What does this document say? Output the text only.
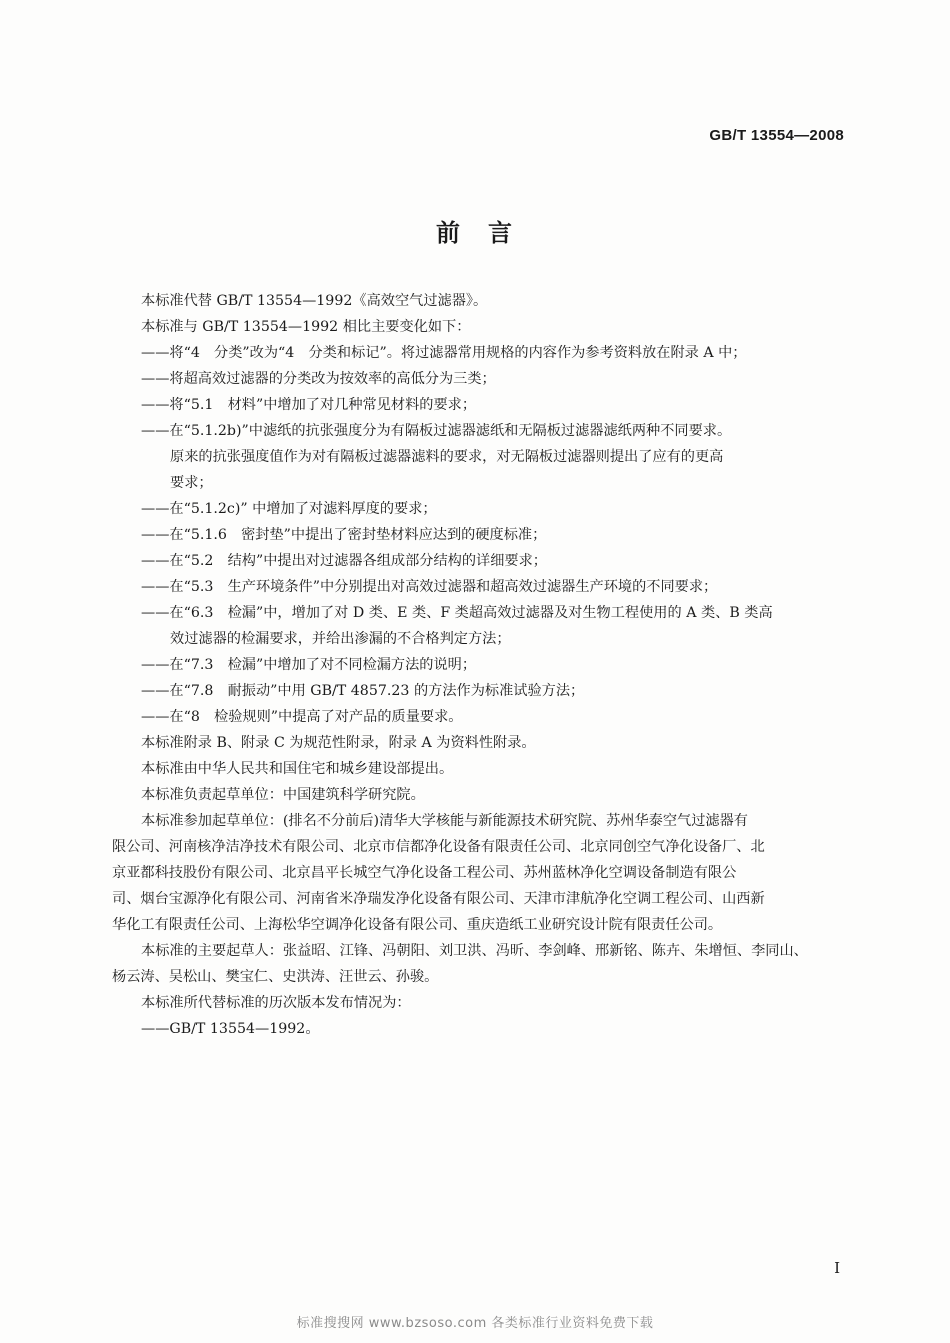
GB/T 13554—2008
前　言

本标准代替 GB/T 13554—1992《高效空气过滤器》。

本标准与 GB/T 13554—1992 相比主要变化如下：

——将“4　分类”改为“4　分类和标记”。将过滤器常用规格的内容作为参考资料放在附录 A 中；

——将超高效过滤器的分类改为按效率的高低分为三类；

——将“5.1　材料”中增加了对几种常见材料的要求；

——在“5.1.2b)”中滤纸的抗张强度分为有隔板过滤器滤纸和无隔板过滤器滤纸两种不同要求。

原来的抗张强度值作为对有隔板过滤器滤料的要求，对无隔板过滤器则提出了应有的更高

要求；

——在“5.1.2c)” 中增加了对滤料厚度的要求；

——在“5.1.6　密封垫”中提出了密封垫材料应达到的硬度标准；

——在“5.2　结构”中提出对过滤器各组成部分结构的详细要求；

——在“5.3　生产环境条件”中分别提出对高效过滤器和超高效过滤器生产环境的不同要求；

——在“6.3　检漏”中，增加了对 D 类、E 类、F 类超高效过滤器及对生物工程使用的 A 类、B 类高

效过滤器的检漏要求，并给出渗漏的不合格判定方法；

——在“7.3　检漏”中增加了对不同检漏方法的说明；

——在“7.8　耐振动”中用 GB/T 4857.23 的方法作为标准试验方法；

——在“8　检验规则”中提高了对产品的质量要求。

本标准附录 B、附录 C 为规范性附录，附录 A 为资料性附录。

本标准由中华人民共和国住宅和城乡建设部提出。

本标准负责起草单位：中国建筑科学研究院。

本标准参加起草单位：(排名不分前后)清华大学核能与新能源技术研究院、苏州华泰空气过滤器有

限公司、河南核净洁净技术有限公司、北京市信都净化设备有限责任公司、北京同创空气净化设备厂、北

京亚都科技股份有限公司、北京昌平长城空气净化设备工程公司、苏州蓝林净化空调设备制造有限公

司、烟台宝源净化有限公司、河南省米净瑞发净化设备有限公司、天津市津航净化空调工程公司、山西新

华化工有限责任公司、上海松华空调净化设备有限公司、重庆造纸工业研究设计院有限责任公司。

本标准的主要起草人：张益昭、江锋、冯朝阳、刘卫洪、冯昕、李剑峰、邢新铭、陈卉、朱增恒、李同山、

杨云涛、吴松山、樊宝仁、史洪涛、汪世云、孙骏。

本标准所代替标准的历次版本发布情况为：

——GB/T 13554—1992。

I
标准搜搜网 www.bzsoso.com 各类标准行业资料免费下载
